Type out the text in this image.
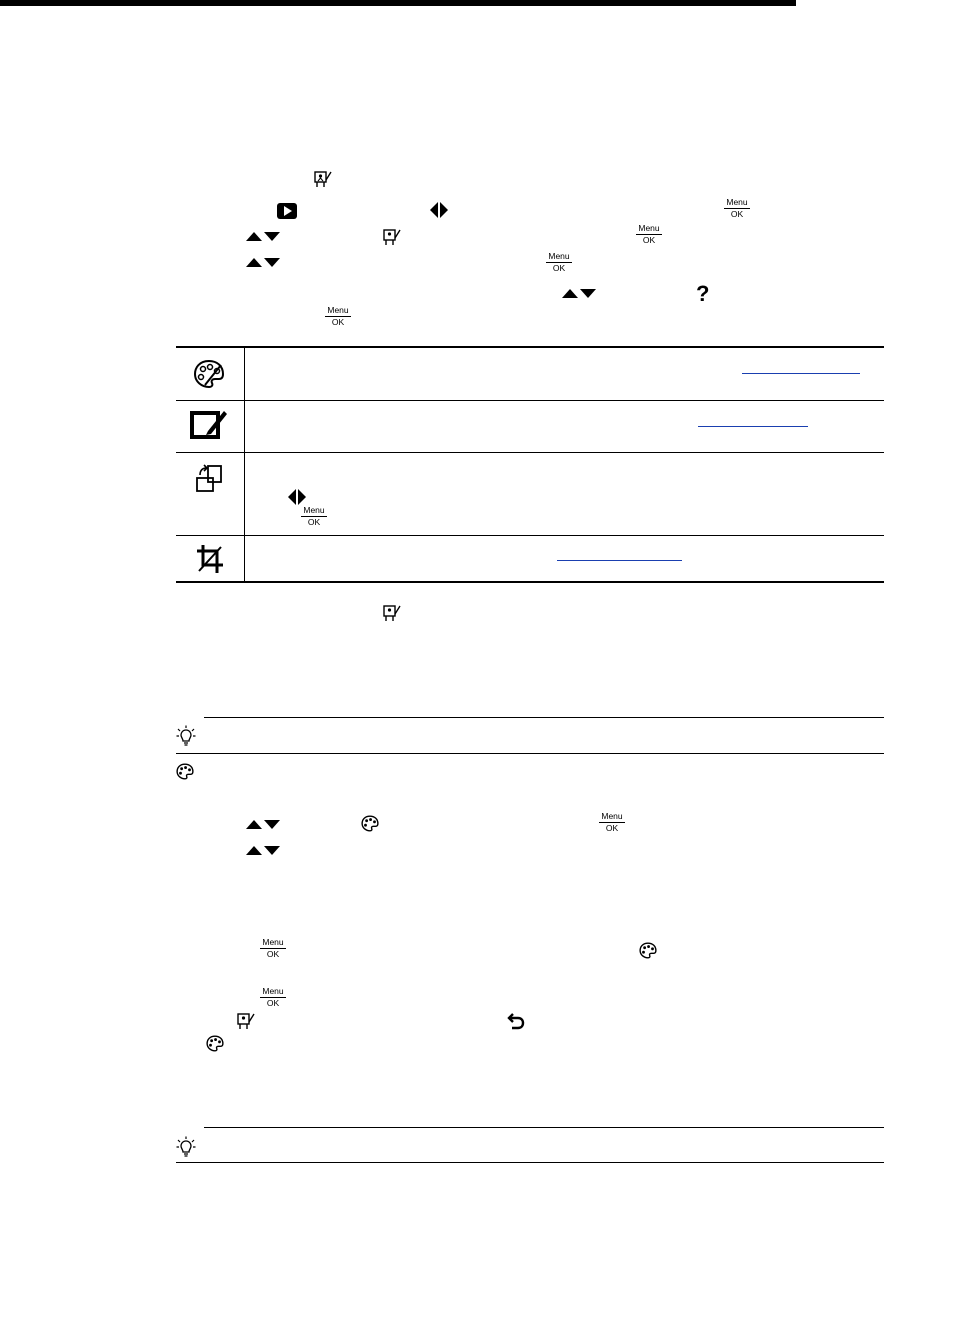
Menu
OK
Menu
OK
Menu
OK
?
Menu
OK
Menu
OK
Menu
OK
Menu
OK
Menu
OK
